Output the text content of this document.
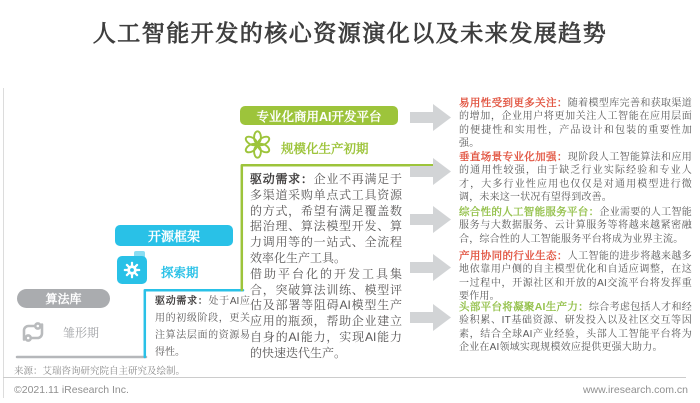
人工智能开发的核心资源演化以及未来发展趋势
算法库
雏形期
开源框架
探索期
专业化商用AI开发平台
规模化生产初期
驱动需求：处于AI应用的初级阶段，更关注算法层面的资源易得性。

驱动需求：企业不再满足于多渠道采购单点式工具资源的方式，希望有满足覆盖数据治理、算法模型开发、算力调用等的一站式、全流程效率化生产工具。

借助平台化的开发工具集合，突破算法训练、模型评估及部署等阻碍AI模型生产应用的瓶颈，帮助企业建立自身的AI能力，实现AI能力的快速迭代生产。

易用性受到更多关注：随着模型库完善和获取渠道的增加，企业用户将更加关注人工智能在应用层面的便捷性和实用性，产品设计和包装的重要性加强。
垂直场景专业化加强：现阶段人工智能算法和应用的通用性较强，由于缺乏行业实际经验和专业人才，大多行业性应用也仅仅是对通用模型进行微调，未来这一状况有望得到改善。
综合性的人工智能服务平台：企业需要的人工智能服务与大数据服务、云计算服务等将越来越紧密融合，综合性的人工智能服务平台将成为业界主流。
产用协同的行业生态：人工智能的进步将越来越多地依靠用户侧的自主模型优化和自适应调整，在这一过程中，开源社区和开放的AI交流平台将发挥重要作用。
头部平台将凝聚AI生产力：综合考虑包括人才和经验积累、IT基础资源、研发投入以及社区交互等因素，结合全球AI产业经验，头部人工智能平台将为企业在AI领域实现规模效应提供更强大助力。
来源：艾瑞咨询研究院自主研究及绘制。
©2021.11 iResearch Inc.	www.iresearch.com.cn
